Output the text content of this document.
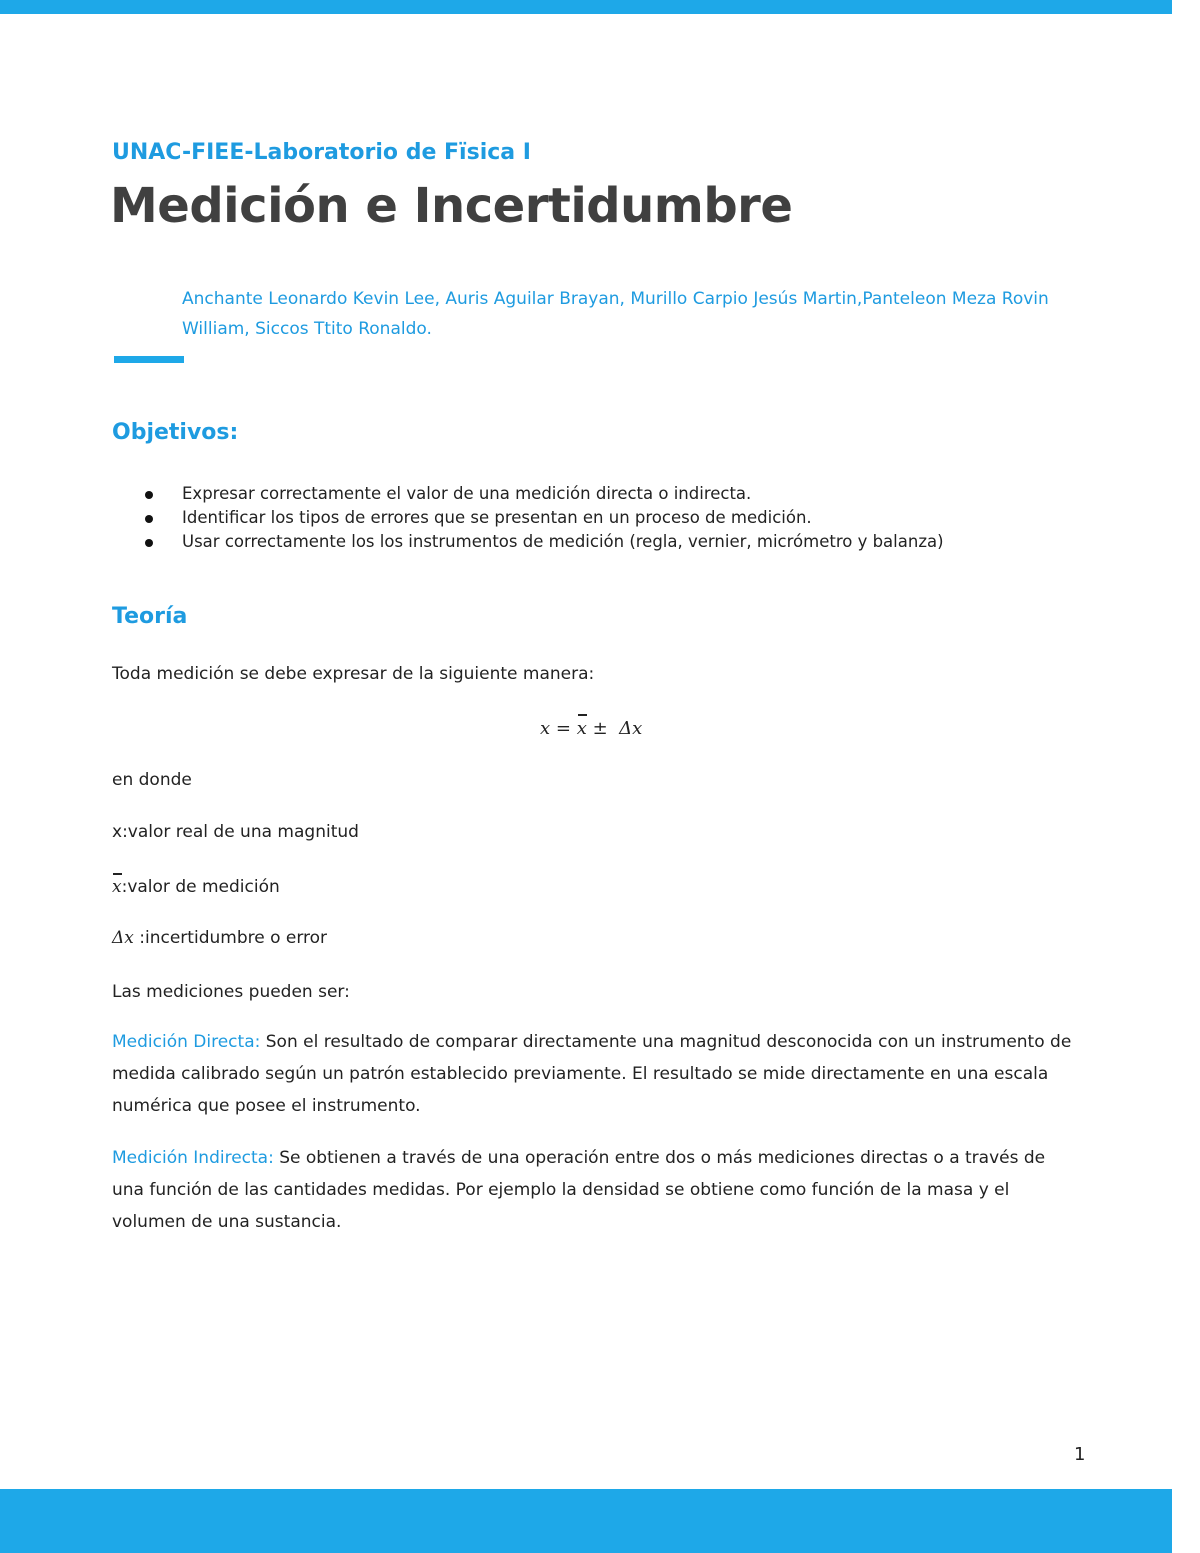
UNAC-FIEE-Laboratorio de Fïsica I
Medición e Incertidumbre
Anchante Leonardo Kevin Lee, Auris Aguilar Brayan, Murillo Carpio Jesús Martin,Panteleon Meza Rovin William, Siccos Ttito Ronaldo.
Objetivos:
Expresar correctamente el valor de una medición directa o indirecta.
Identificar los tipos de errores que se presentan en un proceso de medición.
Usar correctamente los los instrumentos de medición (regla, vernier, micrómetro y balanza)
Teoría
Toda medición se debe expresar de la siguiente manera:
x = x ± Δx
en donde
x:valor real de una magnitud
x:valor de medición
Δx :incertidumbre o error
Las mediciones pueden ser:
Medición Directa: Son el resultado de comparar directamente una magnitud desconocida con un instrumento de medida calibrado según un patrón establecido previamente. El resultado se mide directamente en una escala numérica que posee el instrumento.
Medición Indirecta: Se obtienen a través de una operación entre dos o más mediciones directas o a través de una función de las cantidades medidas. Por ejemplo la densidad se obtiene como función de la masa y el volumen de una sustancia.
1
